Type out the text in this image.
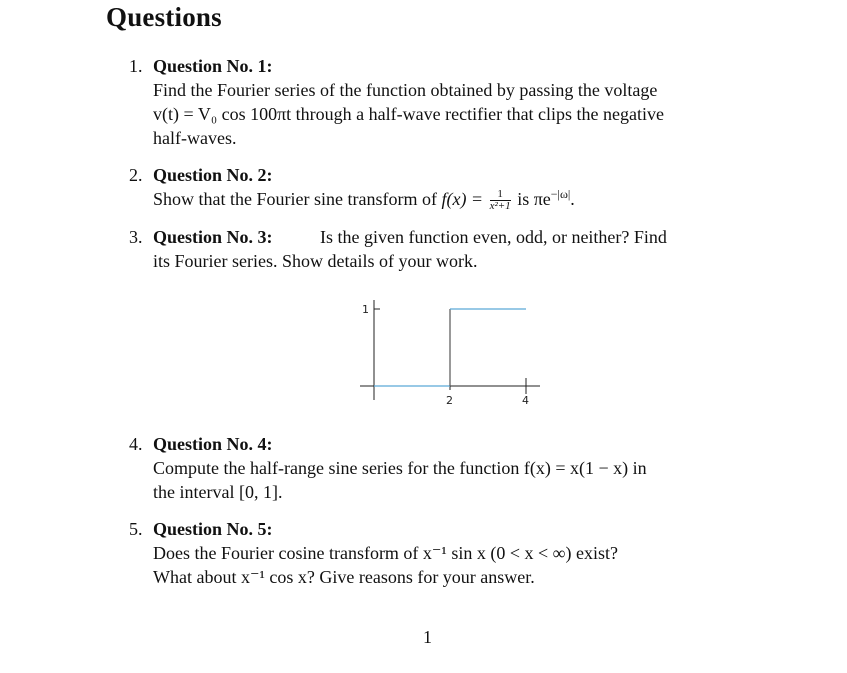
Questions
1. Question No. 1:
Find the Fourier series of the function obtained by passing the voltage
v(t) = V₀ cos 100πt through a half-wave rectifier that clips the negative
half-waves.
2. Question No. 2:
Show that the Fourier sine transform of $f(x) = \frac{1}{\text{x²+1}}$ is $\pi e^{-|\omega|}$.
3. Question No. 3:	Is the given function even, odd, or neither? Find
its Fourier series. Show details of your work.
1
2	4
4. Question No. 4:
Compute the half-range sine series for the function f(x) = x(1 − x) in
the interval [0, 1].
5. Question No. 5:
Does the Fourier cosine transform of x⁻¹ sin x (0 < x < ∞) exist?
What about x⁻¹ cos x? Give reasons for your answer.
1
